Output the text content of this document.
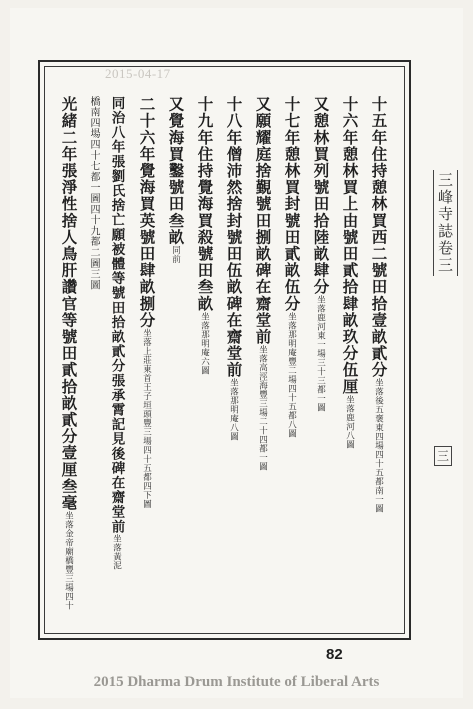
2015-04-17
十五年住持憩林買西二號田拾壹畝貳分坐落後五褒東四場四十五都南一圖
十六年憩林買上由號田貳拾肆畝玖分伍厘坐落鹿河八圖
又憩林買列號田拾陸畝肆分坐落鹿河東一場三十三都一圖
十七年憩林買封號田貳畝伍分坐落那明庵豐二場四十五都八圖
又願耀庭捨覲號田捌畝碑在齋堂前坐落高涇海豐三場二十四都一圖
十八年僧沛然捨封號田伍畝碑在齋堂前坐落那明庵八圖
十九年住持覺海買殺號田叁畝坐落那明庵六圖
又覺海買鑿號田叁畝同前
二十六年覺海買英號田肆畝捌分坐落上莊東首王子垣頭豐三場四十五都四下圖
同治八年張劉氏捨亡願被體等號田拾畝貳分張承霄記見後碑在齋堂前坐落黃泥
橋南四場四十七都一圖四十九都二圖三圖
光緒二年張淨性捨人鳥肝讚官等號田貳拾畝貳分壹厘叁毫坐落金帝廟橋豐三場四十
三峰寺誌卷三
三
82
2015 Dharma Drum Institute of Liberal Arts
